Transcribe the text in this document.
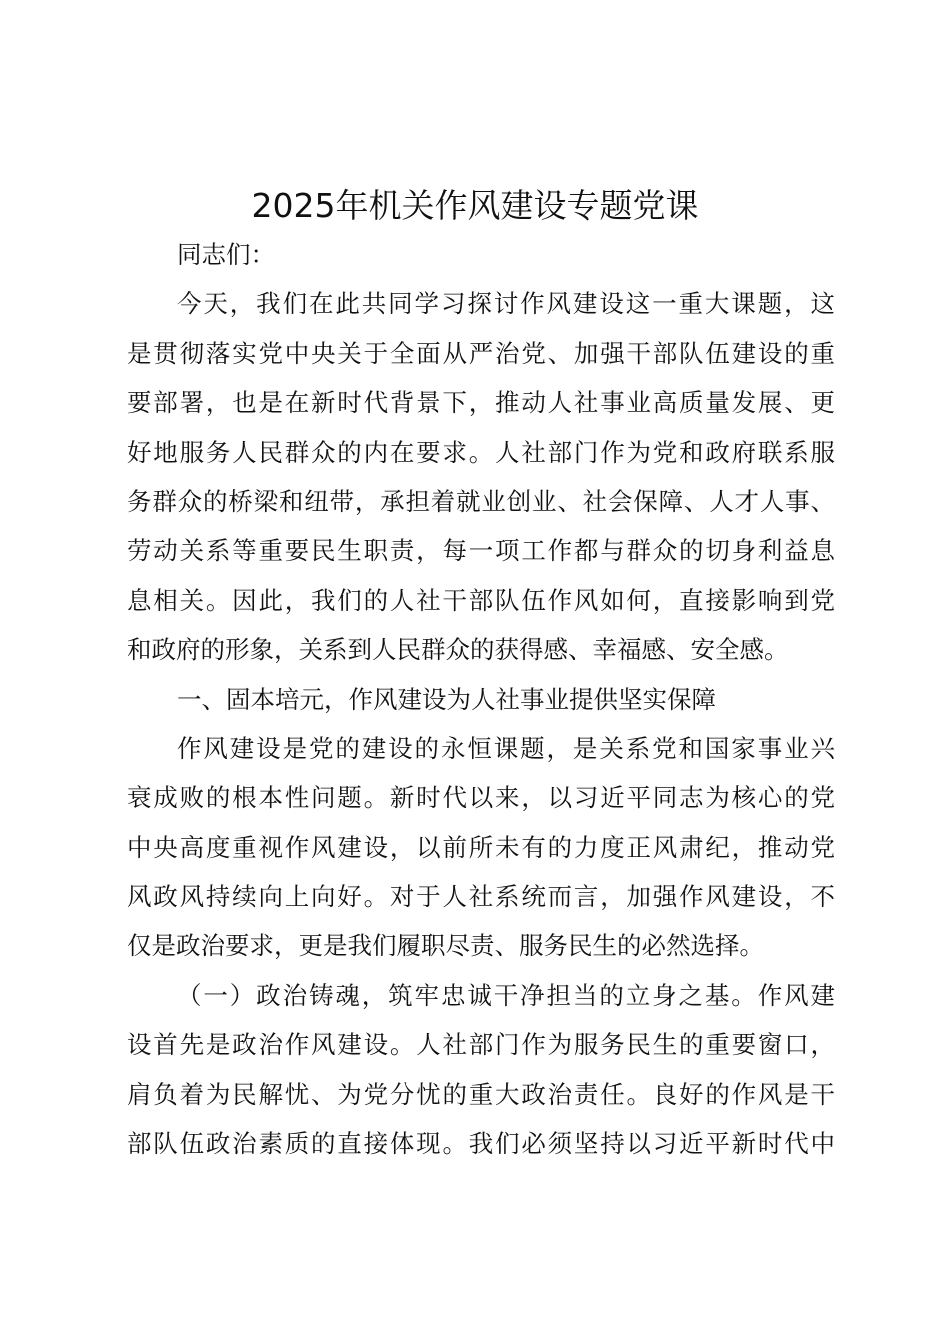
2025年机关作风建设专题党课
同志们：
今天，我们在此共同学习探讨作风建设这一重大课题，这
是贯彻落实党中央关于全面从严治党、加强干部队伍建设的重
要部署，也是在新时代背景下，推动人社事业高质量发展、更
好地服务人民群众的内在要求。人社部门作为党和政府联系服
务群众的桥梁和纽带，承担着就业创业、社会保障、人才人事、
劳动关系等重要民生职责，每一项工作都与群众的切身利益息
息相关。因此，我们的人社干部队伍作风如何，直接影响到党
和政府的形象，关系到人民群众的获得感、幸福感、安全感。
一、固本培元，作风建设为人社事业提供坚实保障
作风建设是党的建设的永恒课题，是关系党和国家事业兴
衰成败的根本性问题。新时代以来，以习近平同志为核心的党
中央高度重视作风建设，以前所未有的力度正风肃纪，推动党
风政风持续向上向好。对于人社系统而言，加强作风建设，不
仅是政治要求，更是我们履职尽责、服务民生的必然选择。
（一）政治铸魂，筑牢忠诚干净担当的立身之基。作风建
设首先是政治作风建设。人社部门作为服务民生的重要窗口，
肩负着为民解忧、为党分忧的重大政治责任。良好的作风是干
部队伍政治素质的直接体现。我们必须坚持以习近平新时代中
